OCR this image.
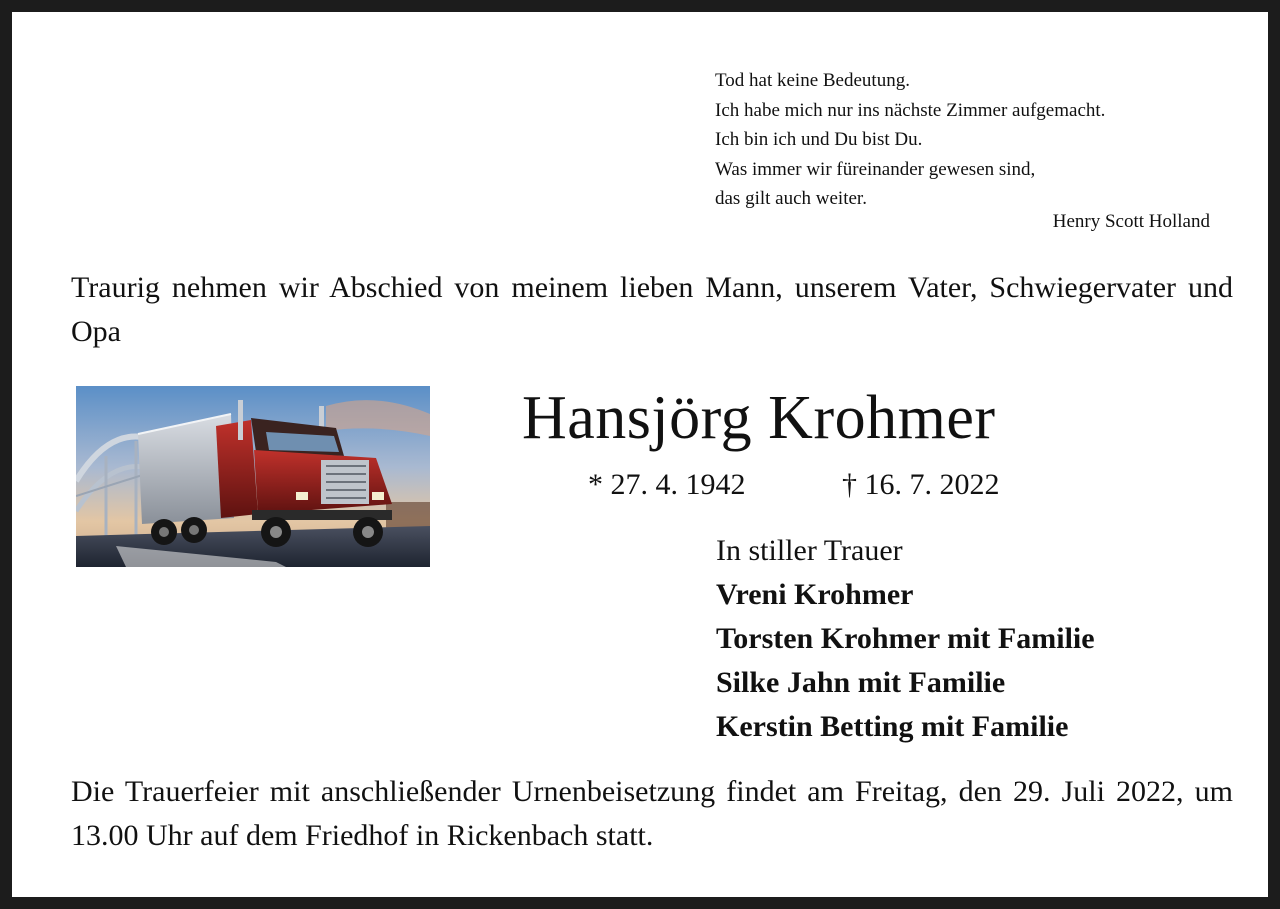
Tod hat keine Bedeutung.
Ich habe mich nur ins nächste Zimmer aufgemacht.
Ich bin ich und Du bist Du.
Was immer wir füreinander gewesen sind,
das gilt auch weiter.
Henry Scott Holland
Traurig nehmen wir Abschied von meinem lieben Mann, unserem Vater, Schwiegervater und Opa
Hansjörg Krohmer
* 27. 4. 1942	† 16. 7. 2022
In stiller Trauer
Vreni Krohmer
Torsten Krohmer mit Familie
Silke Jahn mit Familie
Kerstin Betting mit Familie
Die Trauerfeier mit anschließender Urnenbeisetzung findet am Freitag, den 29. Juli 2022, um 13.00 Uhr auf dem Friedhof in Rickenbach statt.
